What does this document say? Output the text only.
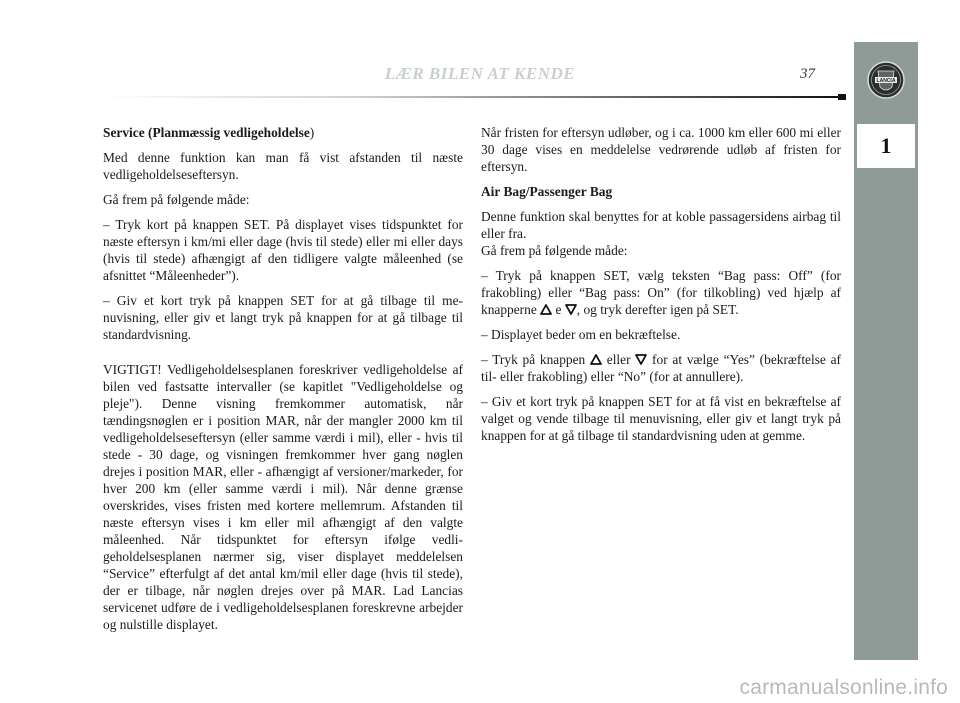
LÆR BILEN AT KENDE	37	LANCIA
1

Service (Planmæssig vedligeholdelse)

Med denne funktion kan man få vist afstanden til næste vedligeholdelseseftersyn.

Gå frem på følgende måde:

– Tryk kort på knappen SET. På displayet vises tidspunktet for næste eftersyn i km/mi eller dage (hvis til stede) eller mi eller days (hvis til stede) afhængigt af den tidligere valgte måleenhed (se afsnittet “Måleenheder”).

– Giv et kort tryk på knappen SET for at gå tilbage til menuvisning, eller giv et langt tryk på knappen for at gå tilbage til standardvisning.

VIGTIGT! Vedligeholdelsesplanen foreskriver vedligeholdelse af bilen ved fastsatte intervaller (se kapitlet "Vedligeholdelse og pleje"). Denne visning fremkommer automatisk, når tændingsnøglen er i position MAR, når der mangler 2000 km til vedligeholdelseseftersyn (eller samme værdi i mil), eller - hvis til stede - 30 dage, og visningen fremkommer hver gang nøglen drejes i position MAR, eller - afhængigt af versioner/markeder, for hver 200 km (eller samme værdi i mil). Når denne grænse overskrides, vises fristen med kortere mellemrum. Afstanden til næste eftersyn vises i km eller mil afhængigt af den valgte måleenhed. Når tidspunktet for eftersyn ifølge vedligeholdelsesplanen nærmer sig, viser displayet meddelelsen “Service” efterfulgt af det antal km/mil eller dage (hvis til stede), der er tilbage, når nøglen drejes over på MAR. Lad Lancias servicenet udføre de i vedligeholdelsesplanen foreskrevne arbejder og nulstille displayet.

Når fristen for eftersyn udløber, og i ca. 1000 km eller 600 mi eller 30 dage vises en meddelelse vedrørende udløb af fristen for eftersyn.

Air Bag/Passenger Bag

Denne funktion skal benyttes for at koble passagersidens airbag til eller fra.

Gå frem på følgende måde:

– Tryk på knappen SET, vælg teksten “Bag pass: Off” (for frakobling) eller “Bag pass: On” (for tilkobling) ved hjælp af knapperne  e , og tryk derefter igen på SET.

– Displayet beder om en bekræftelse.

– Tryk på knappen  eller  for at vælge “Yes” (bekræftelse af til- eller frakobling) eller “No” (for at annullere).

– Giv et kort tryk på knappen SET for at få vist en bekræftelse af valget og vende tilbage til menuvisning, eller giv et langt tryk på knappen for at gå tilbage til standardvisning uden at gemme.

carmanualsonline.info
